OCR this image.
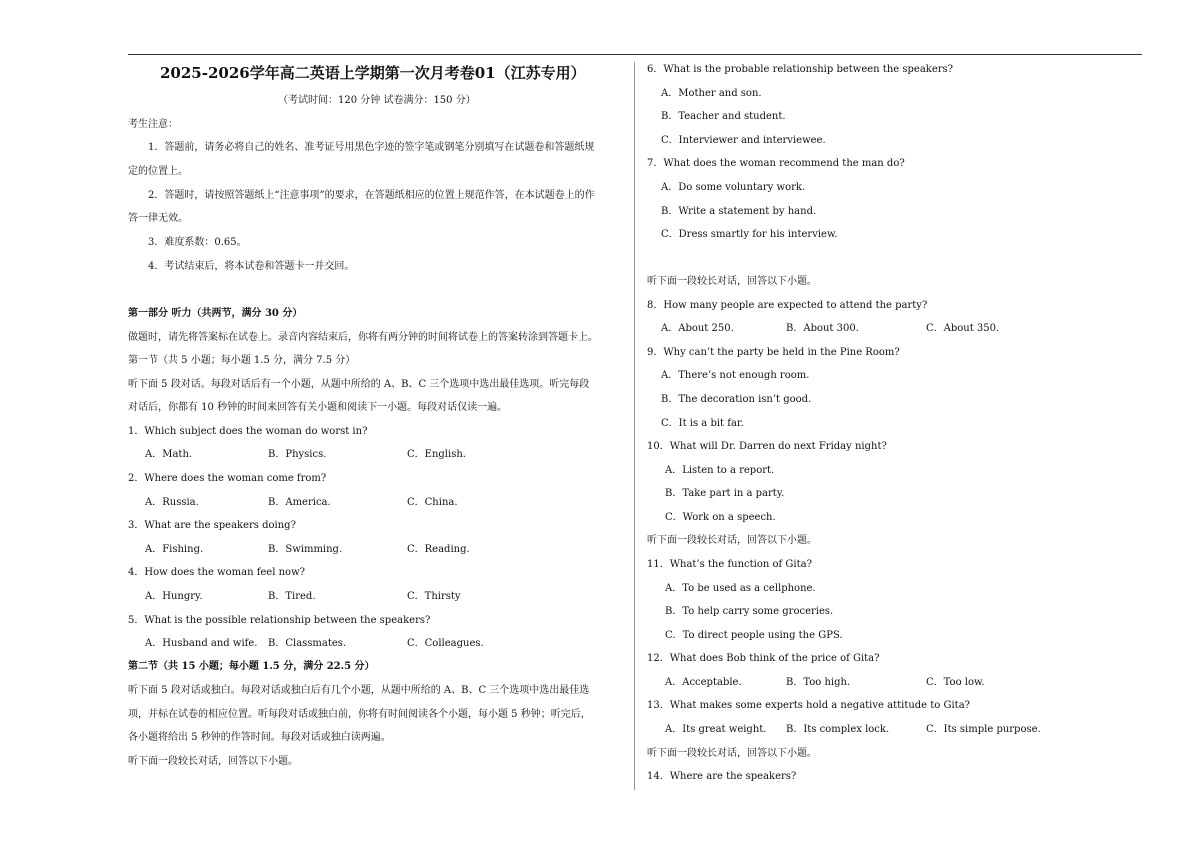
2025-2026学年高二英语上学期第一次月考卷01（江苏专用）
（考试时间：120 分钟 试卷满分：150 分）
考生注意：
1．答题前，请务必将自己的姓名、准考证号用黑色字迹的签字笔或钢笔分别填写在试题卷和答题纸规
定的位置上。
2．答题时，请按照答题纸上“注意事项”的要求，在答题纸相应的位置上规范作答，在本试题卷上的作
答一律无效。
3．难度系数：0.65。
4．考试结束后，将本试卷和答题卡一并交回。
第一部分 听力（共两节，满分 30 分）
做题时，请先将答案标在试卷上。录音内容结束后，你将有两分钟的时间将试卷上的答案转涂到答题卡上。
第一节（共 5 小题；每小题 1.5 分，满分 7.5 分）
听下面 5 段对话。每段对话后有一个小题，从题中所给的 A、B、C 三个选项中选出最佳选项。听完每段
对话后，你都有 10 秒钟的时间来回答有关小题和阅读下一小题。每段对话仅读一遍。
1．Which subject does the woman do worst in?
A．Math.	B．Physics.	C．English.
2．Where does the woman come from?
A．Russia.	B．America.	C．China.
3．What are the speakers doing?
A．Fishing.	B．Swimming.	C．Reading.
4．How does the woman feel now?
A．Hungry.	B．Tired.	C．Thirsty
5．What is the possible relationship between the speakers?
A．Husband and wife. B．Classmates.	C．Colleagues.
第二节（共 15 小题；每小题 1.5 分，满分 22.5 分）
听下面 5 段对话或独白。每段对话或独白后有几个小题，从题中所给的 A、B、C 三个选项中选出最佳选
项，并标在试卷的相应位置。听每段对话或独白前，你将有时间阅读各个小题，每小题 5 秒钟；听完后，
各小题将给出 5 秒钟的作答时间。每段对话或独白读两遍。
听下面一段较长对话，回答以下小题。
6．What is the probable relationship between the speakers?
A．Mother and son.
B．Teacher and student.
C．Interviewer and interviewee.
7．What does the woman recommend the man do?
A．Do some voluntary work.
B．Write a statement by hand.
C．Dress smartly for his interview.
听下面一段较长对话，回答以下小题。
8．How many people are expected to attend the party?
A．About 250.	B．About 300.	C．About 350.
9．Why can’t the party be held in the Pine Room?
A．There’s not enough room.
B．The decoration isn’t good.
C．It is a bit far.
10．What will Dr. Darren do next Friday night?
A．Listen to a report.
B．Take part in a party.
C．Work on a speech.
听下面一段较长对话，回答以下小题。
11．What’s the function of Gita?
A．To be used as a cellphone.
B．To help carry some groceries.
C．To direct people using the GPS.
12．What does Bob think of the price of Gita?
A．Acceptable.	B．Too high.	C．Too low.
13．What makes some experts hold a negative attitude to Gita?
A．Its great weight. B．Its complex lock.	C．Its simple purpose.
听下面一段较长对话，回答以下小题。
14．Where are the speakers?
